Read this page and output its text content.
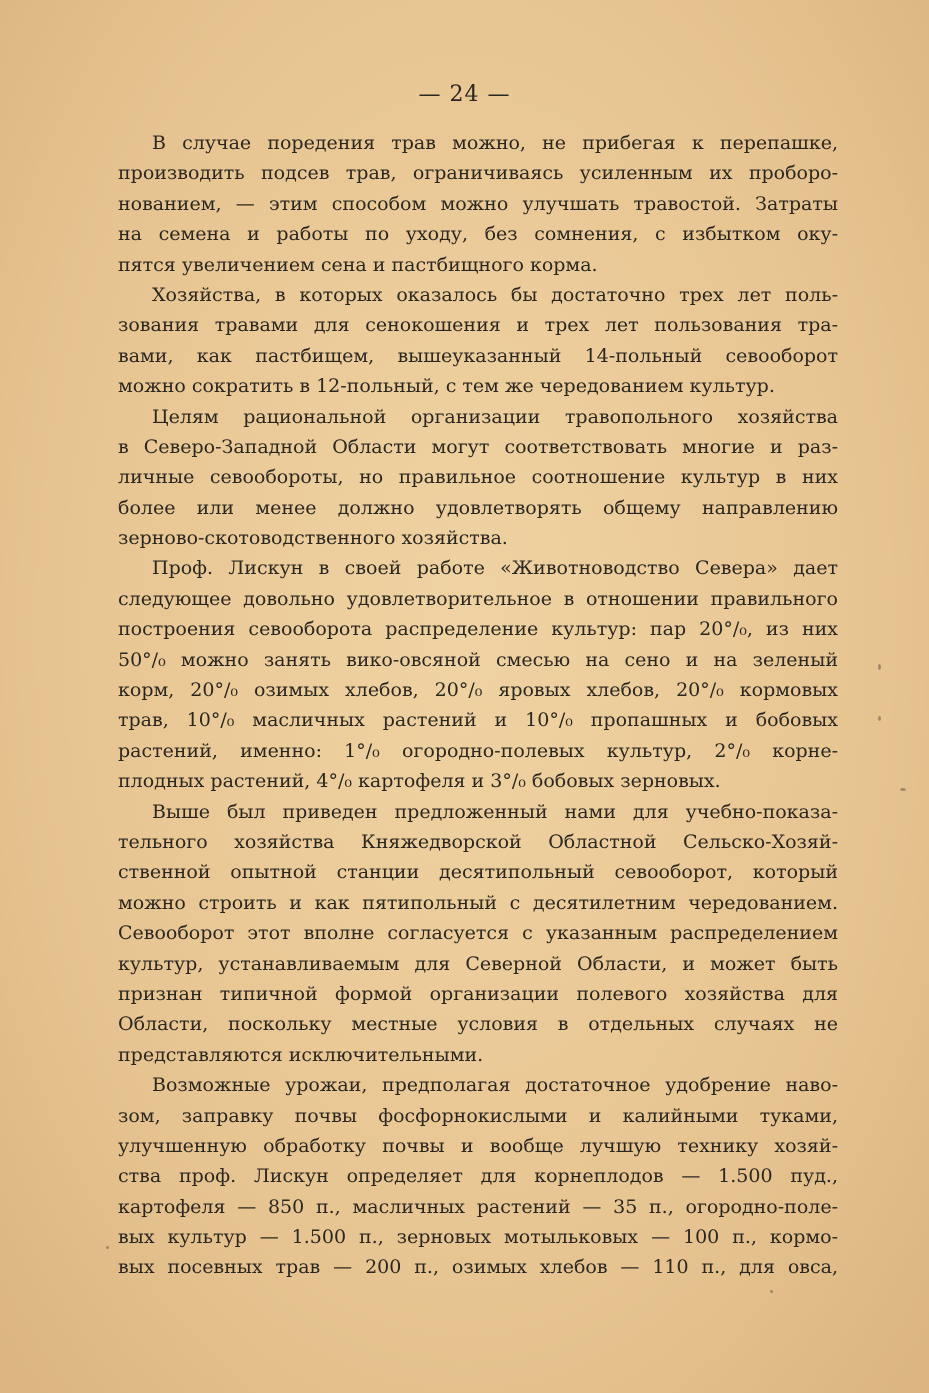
— 24 —
В случае поредения трав можно, не прибегая к перепашке,
производить подсев трав, ограничиваясь усиленным их проборо-
нованием, — этим способом можно улучшать травостой. Затраты
на семена и работы по уходу, без сомнения, с избытком оку-
пятся увеличением сена и пастбищного корма.
Хозяйства, в которых оказалось бы достаточно трех лет поль-
зования травами для сенокошения и трех лет пользования тра-
вами, как пастбищем, вышеуказанный 14-польный севооборот
можно сократить в 12-польный, с тем же чередованием культур.
Целям рациональной организации травопольного хозяйства
в Северо-Западной Области могут соответствовать многие и раз-
личные севообороты, но правильное соотношение культур в них
более или менее должно удовлетворять общему направлению
зерново-скотоводственного хозяйства.
Проф. Лискун в своей работе «Животноводство Севера» дает
следующее довольно удовлетворительное в отношении правильного
построения севооборота распределение культур: пар 20°/₀, из них
50°/₀ можно занять вико-овсяной смесью на сено и на зеленый
корм, 20°/₀ озимых хлебов, 20°/₀ яровых хлебов, 20°/₀ кормовых
трав, 10°/₀ масличных растений и 10°/₀ пропашных и бобовых
растений, именно: 1°/₀ огородно-полевых культур, 2°/₀ корне-
плодных растений, 4°/₀ картофеля и 3°/₀ бобовых зерновых.
Выше был приведен предложенный нами для учебно-показа-
тельного хозяйства Княжедворской Областной Сельско-Хозяй-
ственной опытной станции десятипольный севооборот, который
можно строить и как пятипольный с десятилетним чередованием.
Севооборот этот вполне согласуется с указанным распределением
культур, устанавливаемым для Северной Области, и может быть
признан типичной формой организации полевого хозяйства для
Области, поскольку местные условия в отдельных случаях не
представляются исключительными.
Возможные урожаи, предполагая достаточное удобрение наво-
зом, заправку почвы фосфорнокислыми и калийными туками,
улучшенную обработку почвы и вообще лучшую технику хозяй-
ства проф. Лискун определяет для корнеплодов — 1.500 пуд.,
картофеля — 850 п., масличных растений — 35 п., огородно-поле-
вых культур — 1.500 п., зерновых мотыльковых — 100 п., кормо-
вых посевных трав — 200 п., озимых хлебов — 110 п., для овса,
